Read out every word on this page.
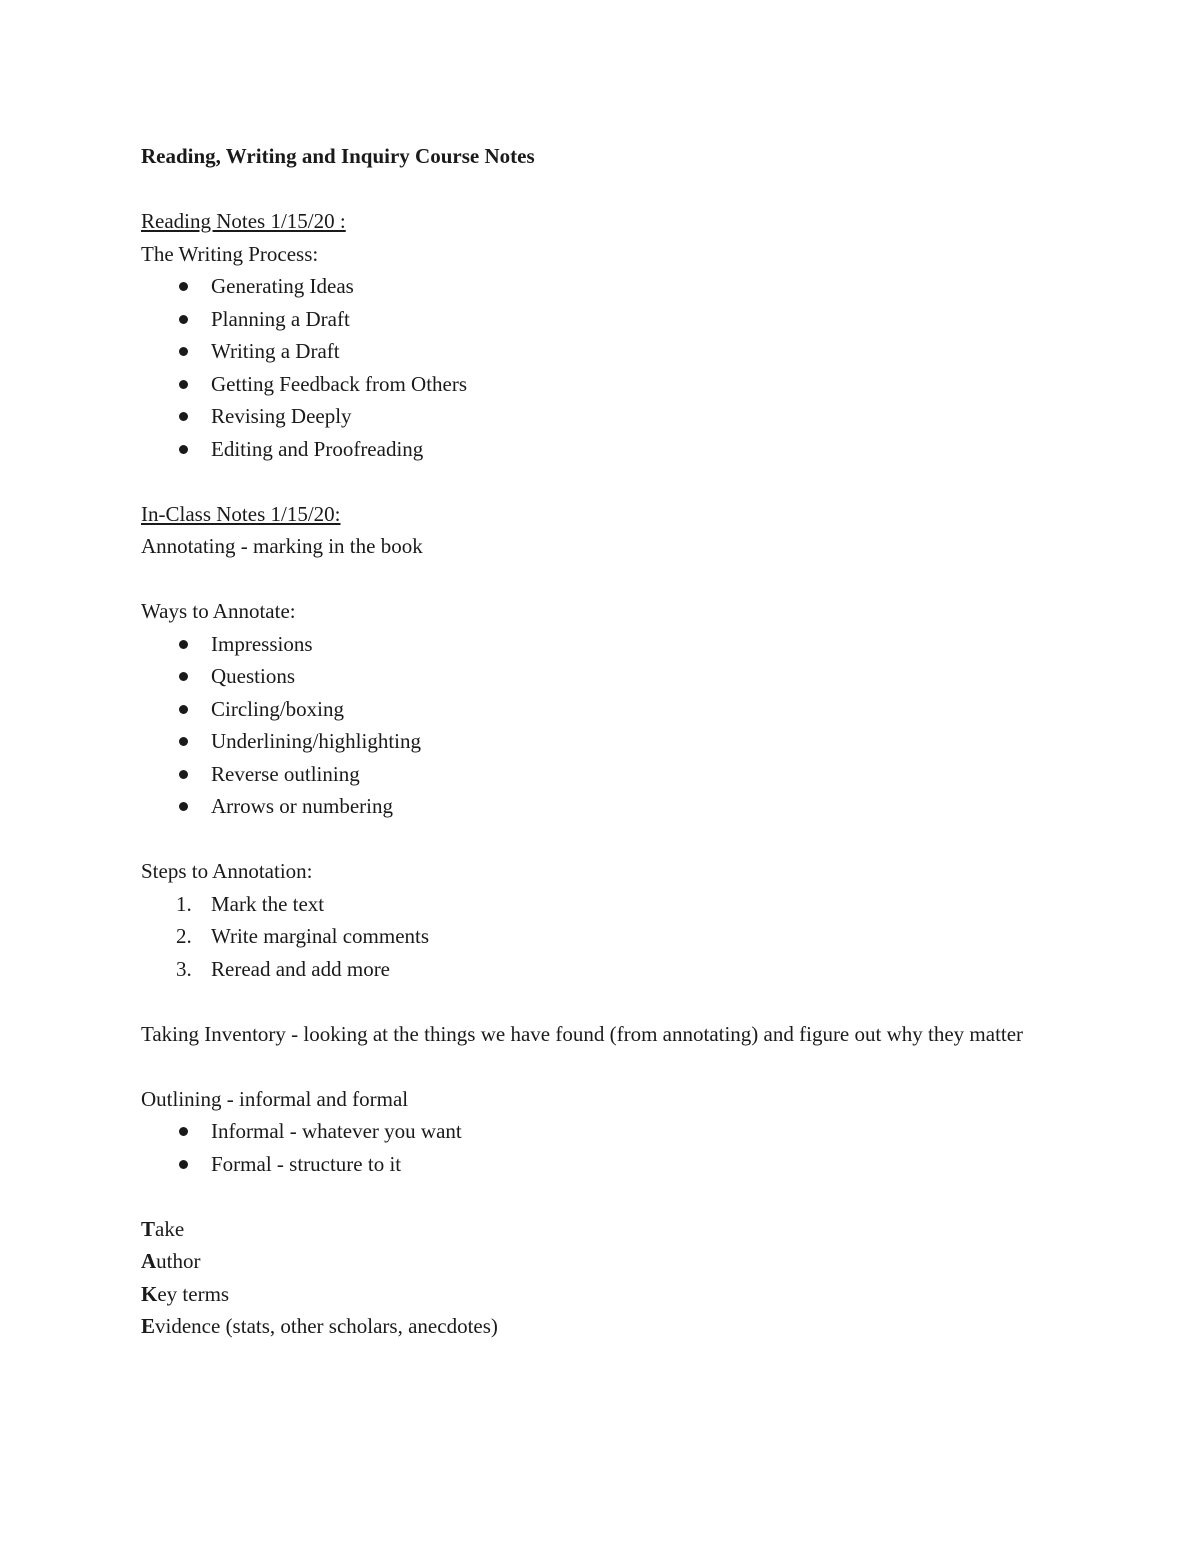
Reading, Writing and Inquiry Course Notes

Reading Notes 1/15/20 :

The Writing Process:

Generating Ideas
Planning a Draft
Writing a Draft
Getting Feedback from Others
Revising Deeply
Editing and Proofreading

In-Class Notes 1/15/20:

Annotating - marking in the book

Ways to Annotate:

Impressions
Questions
Circling/boxing
Underlining/highlighting
Reverse outlining
Arrows or numbering

Steps to Annotation:

1. Mark the text
2. Write marginal comments
3. Reread and add more

Taking Inventory - looking at the things we have found (from annotating) and figure out why they matter

Outlining - informal and formal

Informal - whatever you want
Formal - structure to it

Take

Author

Key terms

Evidence (stats, other scholars, anecdotes)
